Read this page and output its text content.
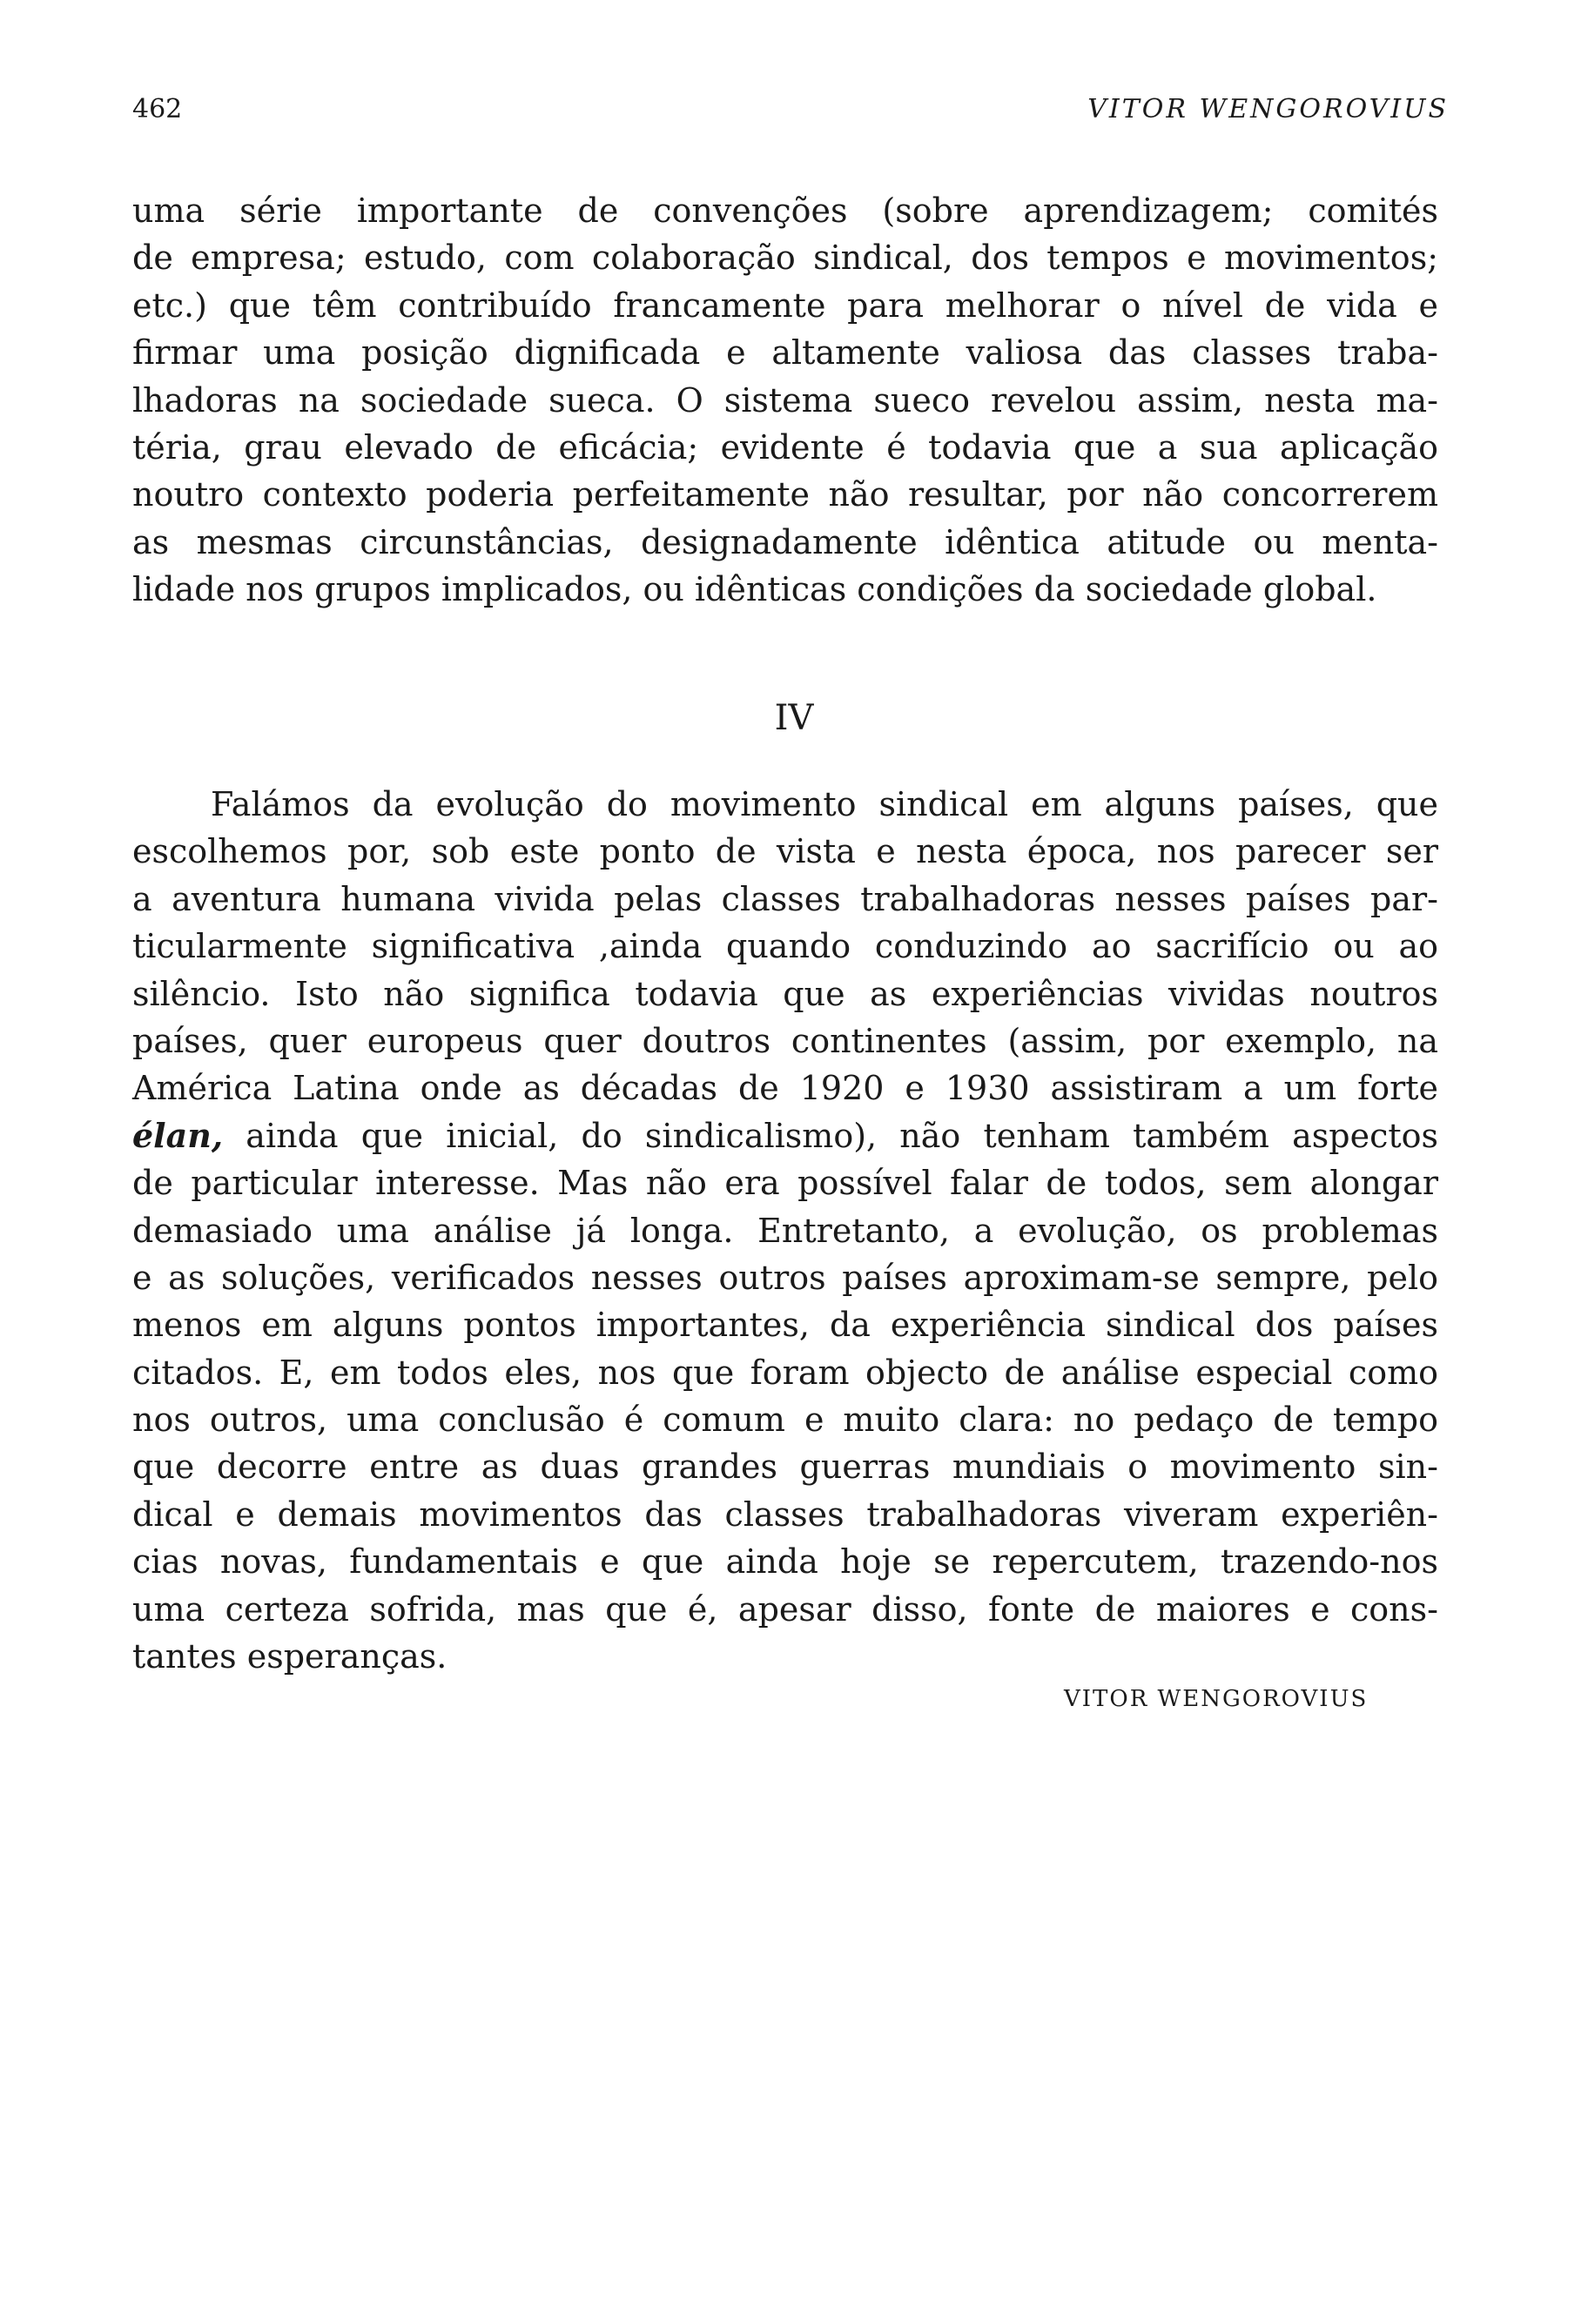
462	VITOR WENGOROVIUS
uma série importante de convenções (sobre aprendizagem; comités
de empresa; estudo, com colaboração sindical, dos tempos e movimentos;
etc.) que têm contribuído francamente para melhorar o nível de vida e
firmar uma posição dignificada e altamente valiosa das classes traba-
lhadoras na sociedade sueca. O sistema sueco revelou assim, nesta ma-
téria, grau elevado de eficácia; evidente é todavia que a sua aplicação
noutro contexto poderia perfeitamente não resultar, por não concorrerem
as mesmas circunstâncias, designadamente idêntica atitude ou menta-
lidade nos grupos implicados, ou idênticas condições da sociedade global.
IV
Falámos da evolução do movimento sindical em alguns países, que
escolhemos por, sob este ponto de vista e nesta época, nos parecer ser
a aventura humana vivida pelas classes trabalhadoras nesses países par-
ticularmente significativa ,ainda quando conduzindo ao sacrifício ou ao
silêncio. Isto não significa todavia que as experiências vividas noutros
países, quer europeus quer doutros continentes (assim, por exemplo, na
América Latina onde as décadas de 1920 e 1930 assistiram a um forte
élan, ainda que inicial, do sindicalismo), não tenham também aspectos
de particular interesse. Mas não era possível falar de todos, sem alongar
demasiado uma análise já longa. Entretanto, a evolução, os problemas
e as soluções, verificados nesses outros países aproximam-se sempre, pelo
menos em alguns pontos importantes, da experiência sindical dos países
citados. E, em todos eles, nos que foram objecto de análise especial como
nos outros, uma conclusão é comum e muito clara: no pedaço de tempo
que decorre entre as duas grandes guerras mundiais o movimento sin-
dical e demais movimentos das classes trabalhadoras viveram experiên-
cias novas, fundamentais e que ainda hoje se repercutem, trazendo-nos
uma certeza sofrida, mas que é, apesar disso, fonte de maiores e cons-
tantes esperanças.
VITOR WENGOROVIUS
